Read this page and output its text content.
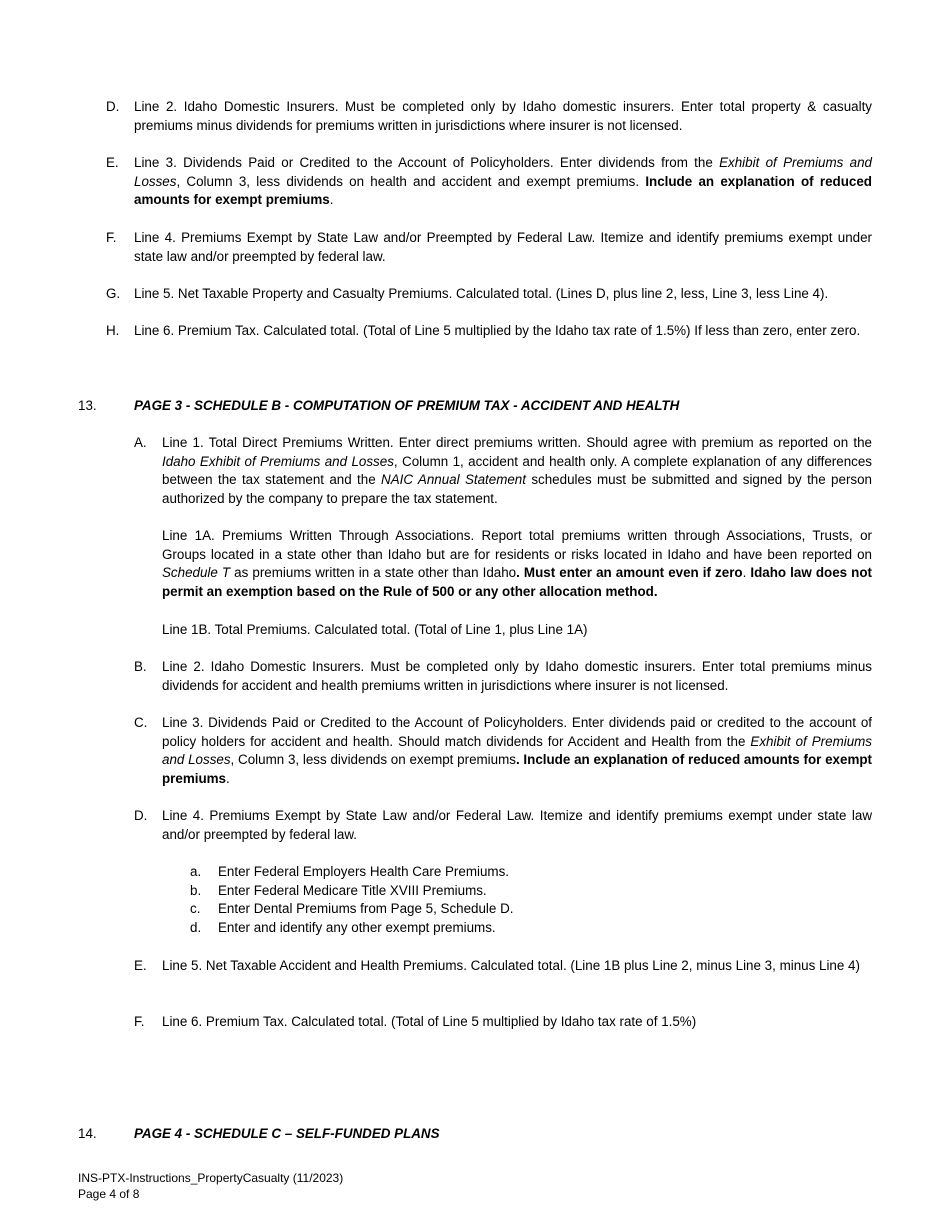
D.	Line 2. Idaho Domestic Insurers. Must be completed only by Idaho domestic insurers. Enter total property & casualty premiums minus dividends for premiums written in jurisdictions where insurer is not licensed.
E.	Line 3. Dividends Paid or Credited to the Account of Policyholders. Enter dividends from the Exhibit of Premiums and Losses, Column 3, less dividends on health and accident and exempt premiums. Include an explanation of reduced amounts for exempt premiums.
F.	Line 4. Premiums Exempt by State Law and/or Preempted by Federal Law. Itemize and identify premiums exempt under state law and/or preempted by federal law.
G.	Line 5. Net Taxable Property and Casualty Premiums. Calculated total. (Lines D, plus line 2, less, Line 3, less Line 4).
H.	Line 6. Premium Tax. Calculated total. (Total of Line 5 multiplied by the Idaho tax rate of 1.5%) If less than zero, enter zero.
13.	PAGE 3 - SCHEDULE B - COMPUTATION OF PREMIUM TAX - ACCIDENT AND HEALTH
A.	Line 1. Total Direct Premiums Written. Enter direct premiums written. Should agree with premium as reported on the Idaho Exhibit of Premiums and Losses, Column 1, accident and health only. A complete explanation of any differences between the tax statement and the NAIC Annual Statement schedules must be submitted and signed by the person authorized by the company to prepare the tax statement.
Line 1A. Premiums Written Through Associations. Report total premiums written through Associations, Trusts, or Groups located in a state other than Idaho but are for residents or risks located in Idaho and have been reported on Schedule T as premiums written in a state other than Idaho. Must enter an amount even if zero. Idaho law does not permit an exemption based on the Rule of 500 or any other allocation method.
Line 1B. Total Premiums. Calculated total. (Total of Line 1, plus Line 1A)
B.	Line 2. Idaho Domestic Insurers. Must be completed only by Idaho domestic insurers. Enter total premiums minus dividends for accident and health premiums written in jurisdictions where insurer is not licensed.
C.	Line 3. Dividends Paid or Credited to the Account of Policyholders. Enter dividends paid or credited to the account of policy holders for accident and health. Should match dividends for Accident and Health from the Exhibit of Premiums and Losses, Column 3, less dividends on exempt premiums. Include an explanation of reduced amounts for exempt premiums.
D.	Line 4. Premiums Exempt by State Law and/or Federal Law. Itemize and identify premiums exempt under state law and/or preempted by federal law.
a.	Enter Federal Employers Health Care Premiums.
b.	Enter Federal Medicare Title XVIII Premiums.
c.	Enter Dental Premiums from Page 5, Schedule D.
d.	Enter and identify any other exempt premiums.
E.	Line 5. Net Taxable Accident and Health Premiums. Calculated total. (Line 1B plus Line 2, minus Line 3, minus Line 4)
F.	Line 6. Premium Tax. Calculated total. (Total of Line 5 multiplied by Idaho tax rate of 1.5%)
14.	PAGE 4 - SCHEDULE C – SELF-FUNDED PLANS
INS-PTX-Instructions_PropertyCasualty (11/2023)
Page 4 of 8
